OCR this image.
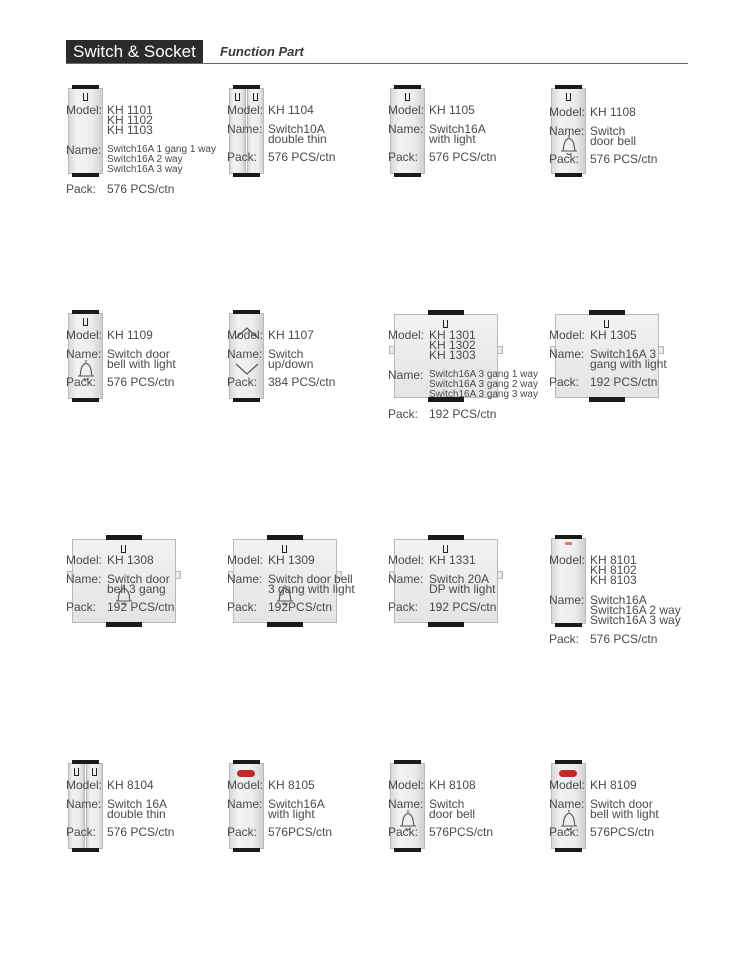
Switch & Socket	Function Part
Model: KH 1101
KH 1102
KH 1103
Name: Switch16A 1 gang 1 way
Switch16A 2 way
Switch16A 3 way
Pack: 576 PCS/ctn
Model: KH 1104
Name: Switch10A
double thin
Pack: 576 PCS/ctn
Model: KH 1105
Name: Switch16A
with light
Pack: 576 PCS/ctn
Model: KH 1108
Name: Switch
door bell
Pack: 576 PCS/ctn
Model: KH 1109
Name: Switch door
bell with light
Pack: 576 PCS/ctn
Model: KH 1107
Name: Switch
up/down
Pack: 384 PCS/ctn
Model: KH 1301
KH 1302
KH 1303
Name: Switch16A 3 gang 1 way
Switch16A 3 gang 2 way
Switch16A 3 gang 3 way
Pack: 192 PCS/ctn
Model: KH 1305
Name: Switch16A 3
gang with light
Pack: 192 PCS/ctn
Model: KH 1308
Name: Switch door
bell 3 gang
Pack: 192 PCS/ctn
Model: KH 1309
Name: Switch door bell
3 gang with light
Pack: 192PCS/ctn
Model: KH 1331
Name: Switch 20A
DP with light
Pack: 192 PCS/ctn
Model: KH 8101
KH 8102
KH 8103
Name: Switch16A
Switch16A 2 way
Switch16A 3 way
Pack: 576 PCS/ctn
Model: KH 8104
Name: Switch 16A
double thin
Pack: 576 PCS/ctn
Model: KH 8105
Name: Switch16A
with light
Pack: 576PCS/ctn
Model: KH 8108
Name: Switch
door bell
Pack: 576PCS/ctn
Model: KH 8109
Name: Switch door
bell with light
Pack: 576PCS/ctn
